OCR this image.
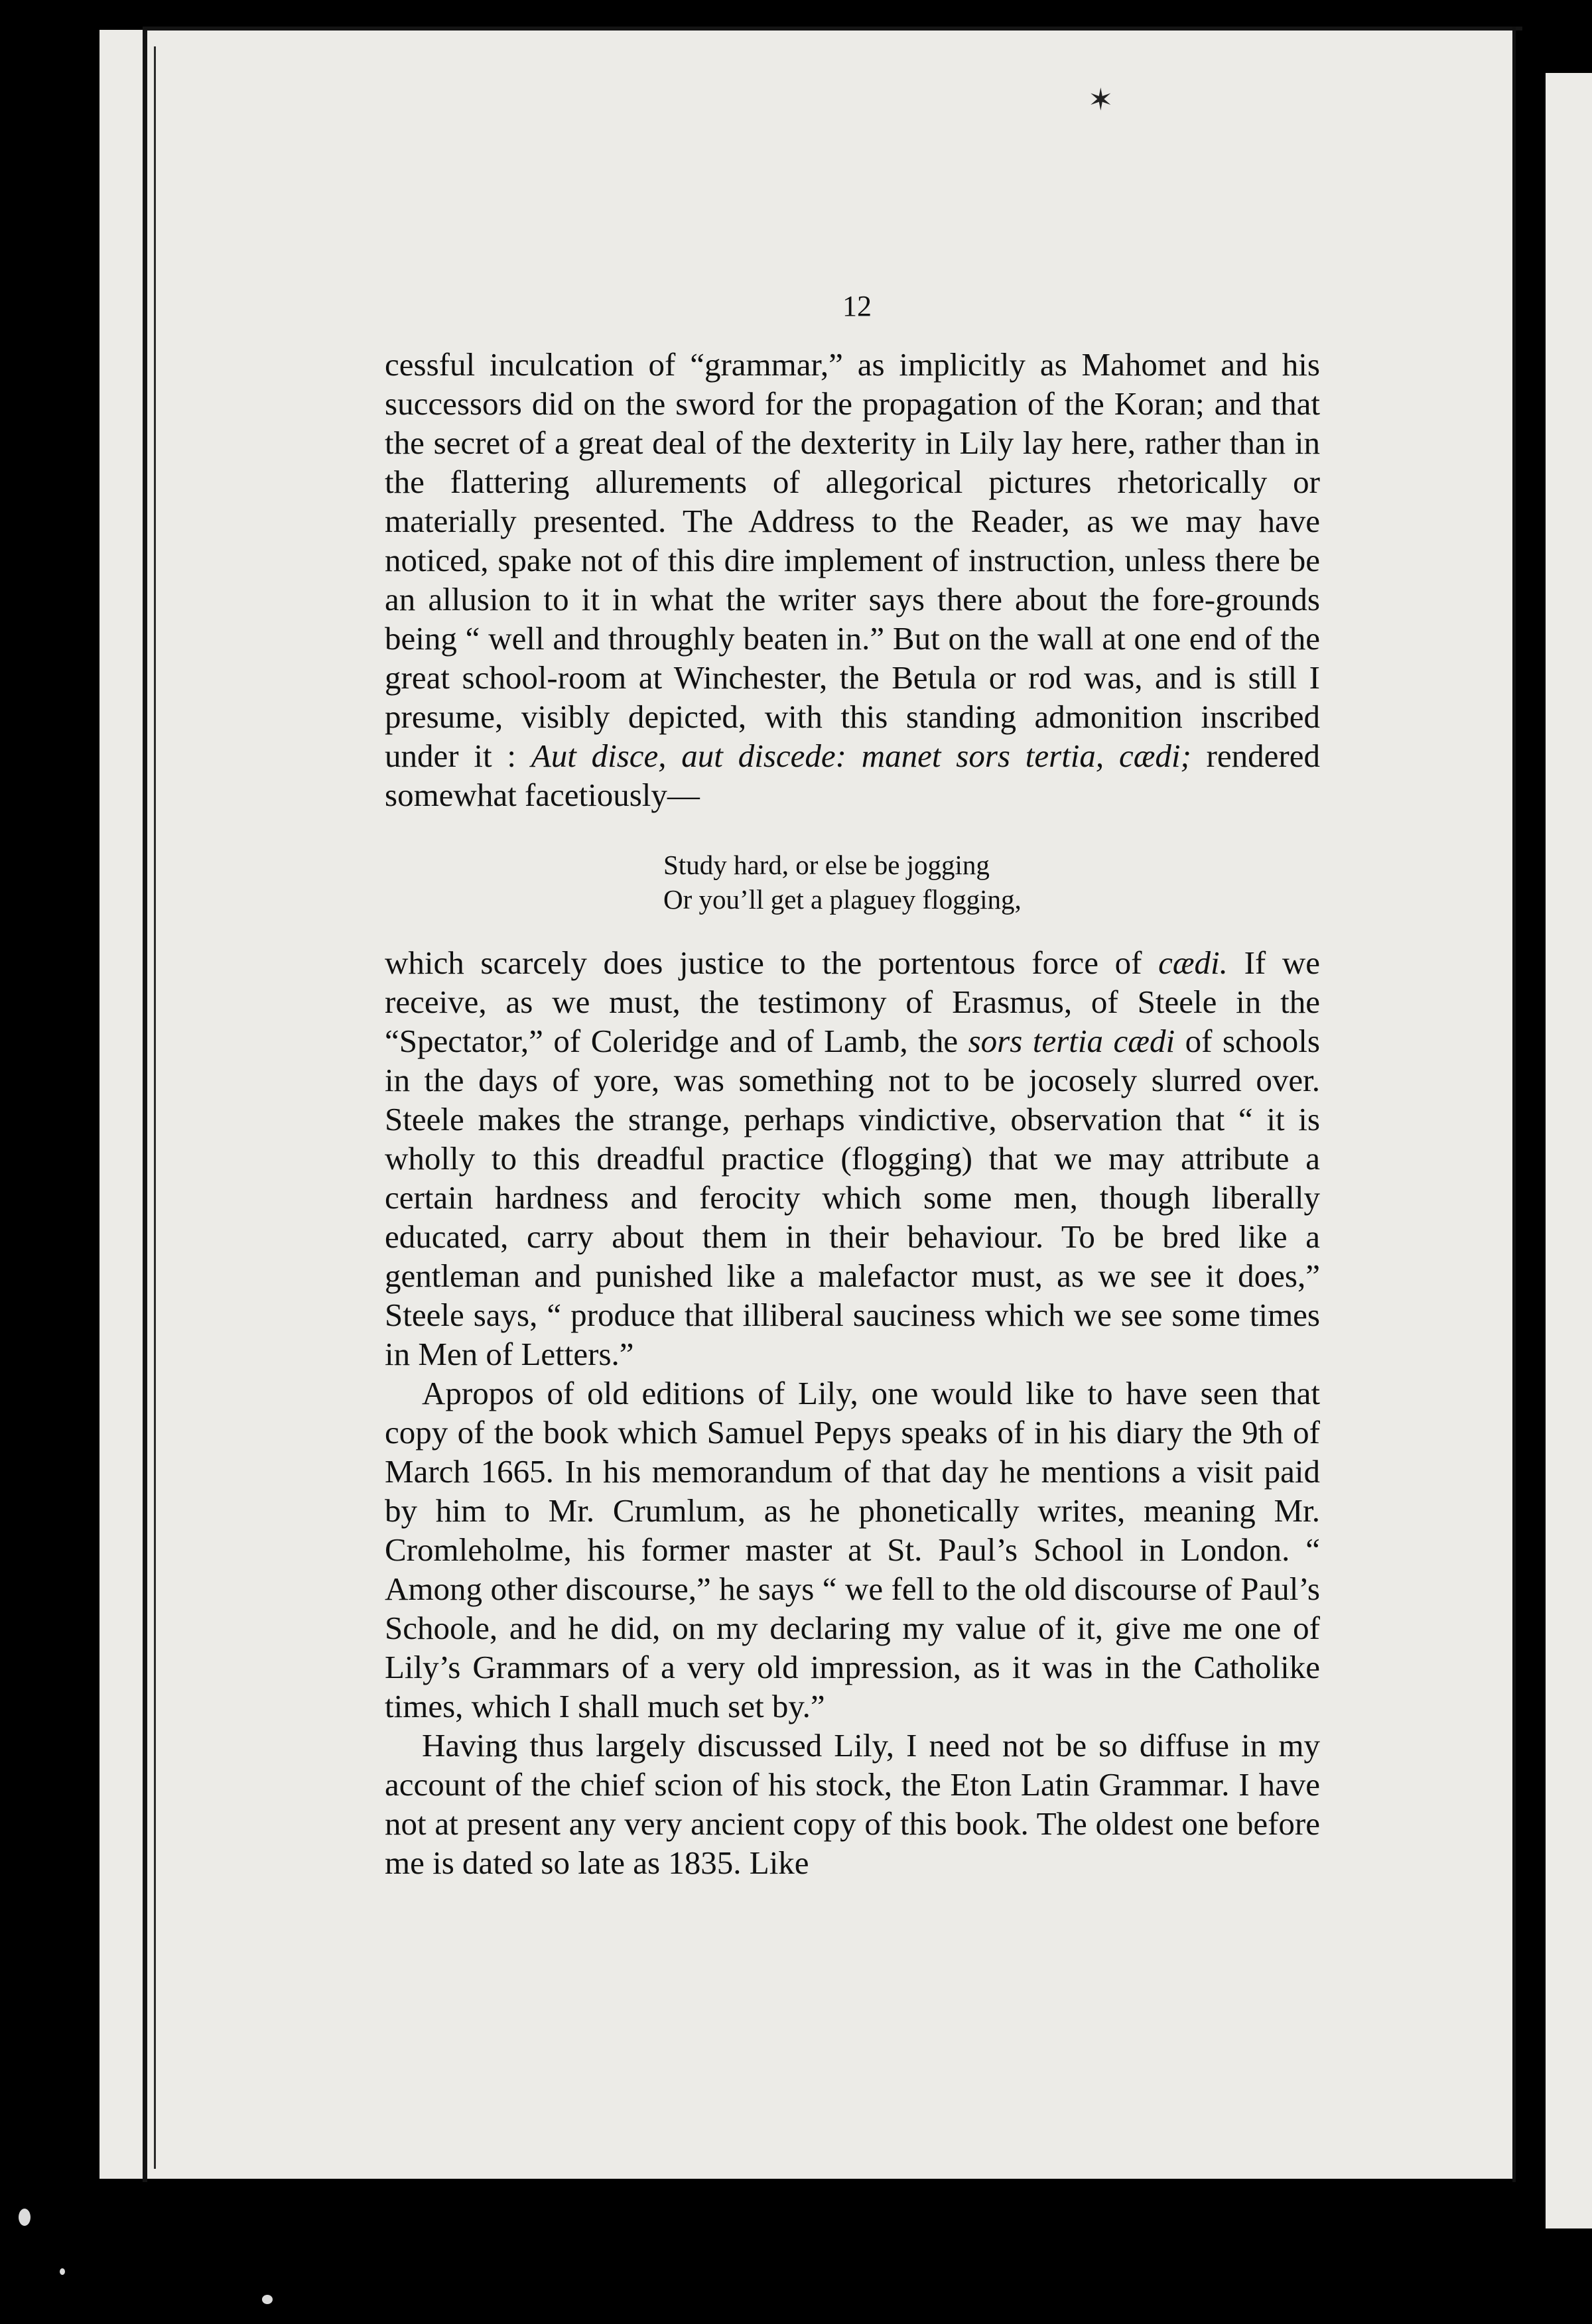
✶
12

cessful inculcation of “grammar,” as implicitly as Mahomet and his successors did on the sword for the propagation of the Koran; and that the secret of a great deal of the dexterity in Lily lay here, rather than in the flattering allurements of allegorical pictures rhetorically or materially presented. The Address to the Reader, as we may have noticed, spake not of this dire implement of instruction, unless there be an allusion to it in what the writer says there about the fore-grounds being “ well and throughly beaten in.” But on the wall at one end of the great school-room at Winchester, the Betula or rod was, and is still I presume, visibly depicted, with this standing admonition inscribed under it : Aut disce, aut discede: manet sors tertia, cædi; rendered somewhat facetiously—

Study hard, or else be jogging
Or you’ll get a plaguey flogging,

which scarcely does justice to the portentous force of cædi. If we receive, as we must, the testimony of Erasmus, of Steele in the “Spectator,” of Coleridge and of Lamb, the sors tertia cædi of schools in the days of yore, was something not to be jocosely slurred over. Steele makes the strange, perhaps vindictive, observation that “ it is wholly to this dreadful practice (flogging) that we may attribute a certain hardness and ferocity which some men, though liberally educated, carry about them in their behaviour. To be bred like a gentleman and punished like a malefactor must, as we see it does,” Steele says, “ produce that illiberal sauciness which we see some times in Men of Letters.”

Apropos of old editions of Lily, one would like to have seen that copy of the book which Samuel Pepys speaks of in his diary the 9th of March 1665. In his memorandum of that day he mentions a visit paid by him to Mr. Crumlum, as he phonetically writes, meaning Mr. Cromleholme, his former master at St. Paul’s School in London. “ Among other discourse,” he says “ we fell to the old discourse of Paul’s Schoole, and he did, on my declaring my value of it, give me one of Lily’s Grammars of a very old impression, as it was in the Catholike times, which I shall much set by.”

Having thus largely discussed Lily, I need not be so diffuse in my account of the chief scion of his stock, the Eton Latin Grammar. I have not at present any very ancient copy of this book. The oldest one before me is dated so late as 1835. Like
